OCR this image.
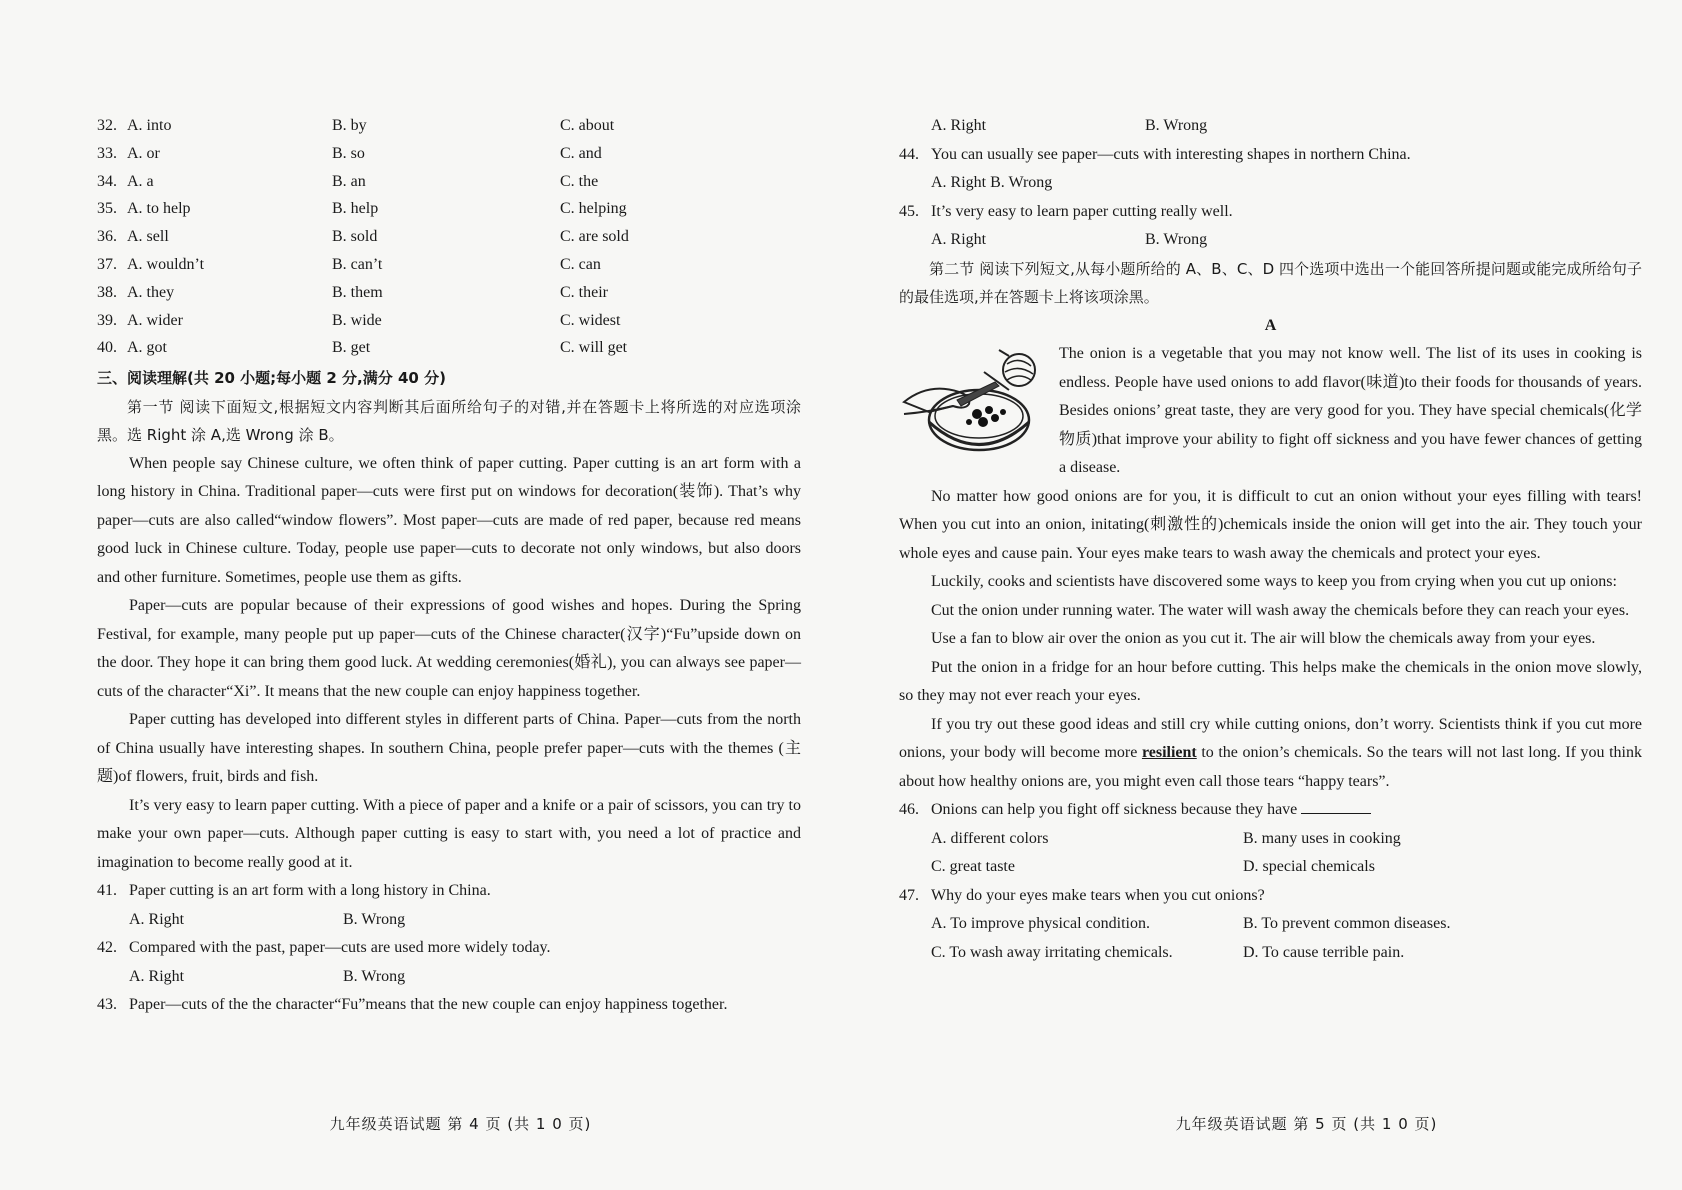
32. A. into	B. by	C. about
33. A. or	B. so	C. and
34. A. a	B. an	C. the
35. A. to help	B. help	C. helping
36. A. sell	B. sold	C. are sold
37. A. wouldn’t	B. can’t	C. can
38. A. they	B. them	C. their
39. A. wider	B. wide	C. widest
40. A. got	B. get	C. will get
三、阅读理解(共 20 小题;每小题 2 分,满分 40 分)
第一节 阅读下面短文,根据短文内容判断其后面所给句子的对错,并在答题卡上将所选的对应选项涂黑。选 Right 涂 A,选 Wrong 涂 B。

When people say Chinese culture, we often think of paper cutting. Paper cutting is an art form with a long history in China. Traditional paper—cuts were first put on windows for decoration(装饰). That’s why paper—cuts are also called“window flowers”. Most paper—cuts are made of red paper, because red means good luck in Chinese culture. Today, people use paper—cuts to decorate not only windows, but also doors and other furniture. Sometimes, people use them as gifts.

Paper—cuts are popular because of their expressions of good wishes and hopes. During the Spring Festival, for example, many people put up paper—cuts of the Chinese character(汉字)“Fu”upside down on the door. They hope it can bring them good luck. At wedding ceremonies(婚礼), you can always see paper—cuts of the character“Xi”. It means that the new couple can enjoy happiness together.

Paper cutting has developed into different styles in different parts of China. Paper—cuts from the north of China usually have interesting shapes. In southern China, people prefer paper—cuts with the themes (主题)of flowers, fruit, birds and fish.

It’s very easy to learn paper cutting. With a piece of paper and a knife or a pair of scissors, you can try to make your own paper—cuts. Although paper cutting is easy to start with, you need a lot of practice and imagination to become really good at it.

41. Paper cutting is an art form with a long history in China.
A. Right	B. Wrong
42. Compared with the past, paper—cuts are used more widely today.
A. Right	B. Wrong
43. Paper—cuts of the the character“Fu”means that the new couple can enjoy happiness together.
九年级英语试题 第 4 页 (共 1 0 页)
A. Right	B. Wrong
44. You can usually see paper—cuts with interesting shapes in northern China.
A. Right B. Wrong
45. It’s very easy to learn paper cutting really well.
A. Right	B. Wrong
第二节 阅读下列短文,从每小题所给的 A、B、C、D 四个选项中选出一个能回答所提问题或能完成所给句子的最佳选项,并在答题卡上将该项涂黑。
A

The onion is a vegetable that you may not know well. The list of its uses in cooking is endless. People have used onions to add flavor(味道)to their foods for thousands of years. Besides onions’ great taste, they are very good for you. They have special chemicals(化学物质)that improve your ability to fight off sickness and you have fewer chances of getting a disease.

No matter how good onions are for you, it is difficult to cut an onion without your eyes filling with tears! When you cut into an onion, initating(刺激性的)chemicals inside the onion will get into the air. They touch your whole eyes and cause pain. Your eyes make tears to wash away the chemicals and protect your eyes.

Luckily, cooks and scientists have discovered some ways to keep you from crying when you cut up onions:

Cut the onion under running water. The water will wash away the chemicals before they can reach your eyes.

Use a fan to blow air over the onion as you cut it. The air will blow the chemicals away from your eyes.

Put the onion in a fridge for an hour before cutting. This helps make the chemicals in the onion move slowly, so they may not ever reach your eyes.

If you try out these good ideas and still cry while cutting onions, don’t worry. Scientists think if you cut more onions, your body will become more resilient to the onion’s chemicals. So the tears will not last long. If you think about how healthy onions are, you might even call those tears “happy tears”.

46. Onions can help you fight off sickness because they have
A. different colors	B. many uses in cooking
C. great taste	D. special chemicals
47. Why do your eyes make tears when you cut onions?
A. To improve physical condition.	B. To prevent common diseases.
C. To wash away irritating chemicals.	D. To cause terrible pain.
九年级英语试题 第 5 页 (共 1 0 页)
